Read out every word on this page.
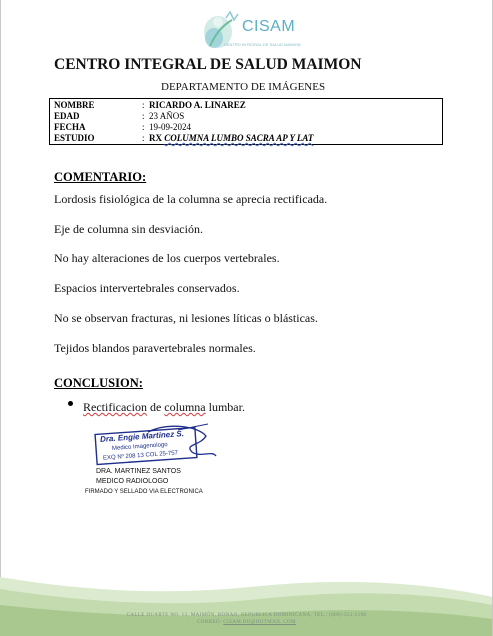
CISAM
CENTRO INTEGRAL DE SALUD MAIMON
CENTRO INTEGRAL DE SALUD MAIMON
DEPARTAMENTO DE IMÁGENES
NOMBRE	: RICARDO A. LINAREZ
EDAD	: 23 AÑOS
FECHA	: 19-09-2024
ESTUDIO	: RX COLUMNA LUMBO SACRA AP Y LAT
COMENTARIO:
Lordosis fisiológica de la columna se aprecia rectificada.
Eje de columna sin desviación.
No hay alteraciones de los cuerpos vertebrales.
Espacios intervertebrales conservados.
No se observan fracturas, ni lesiones líticas o blásticas.
Tejidos blandos paravertebrales normales.
CONCLUSION:
Rectificacion de columna lumbar.
Dra. Engie Martinez S.
Medico Imagenologo
EXQ Nº 208 13 COL 25-757
DRA. MARTINEZ SANTOS
MEDICO RADIOLOGO
FIRMADO Y SELLADO VIA ELECTRONICA
CALLE DUARTE NO. 13, MAIMÓN, BONAO, REPUBLICA DOMINICANA, TEL.: (809)-551-2198
CORREO: CISAM.DO@HOTMAIL.COM
